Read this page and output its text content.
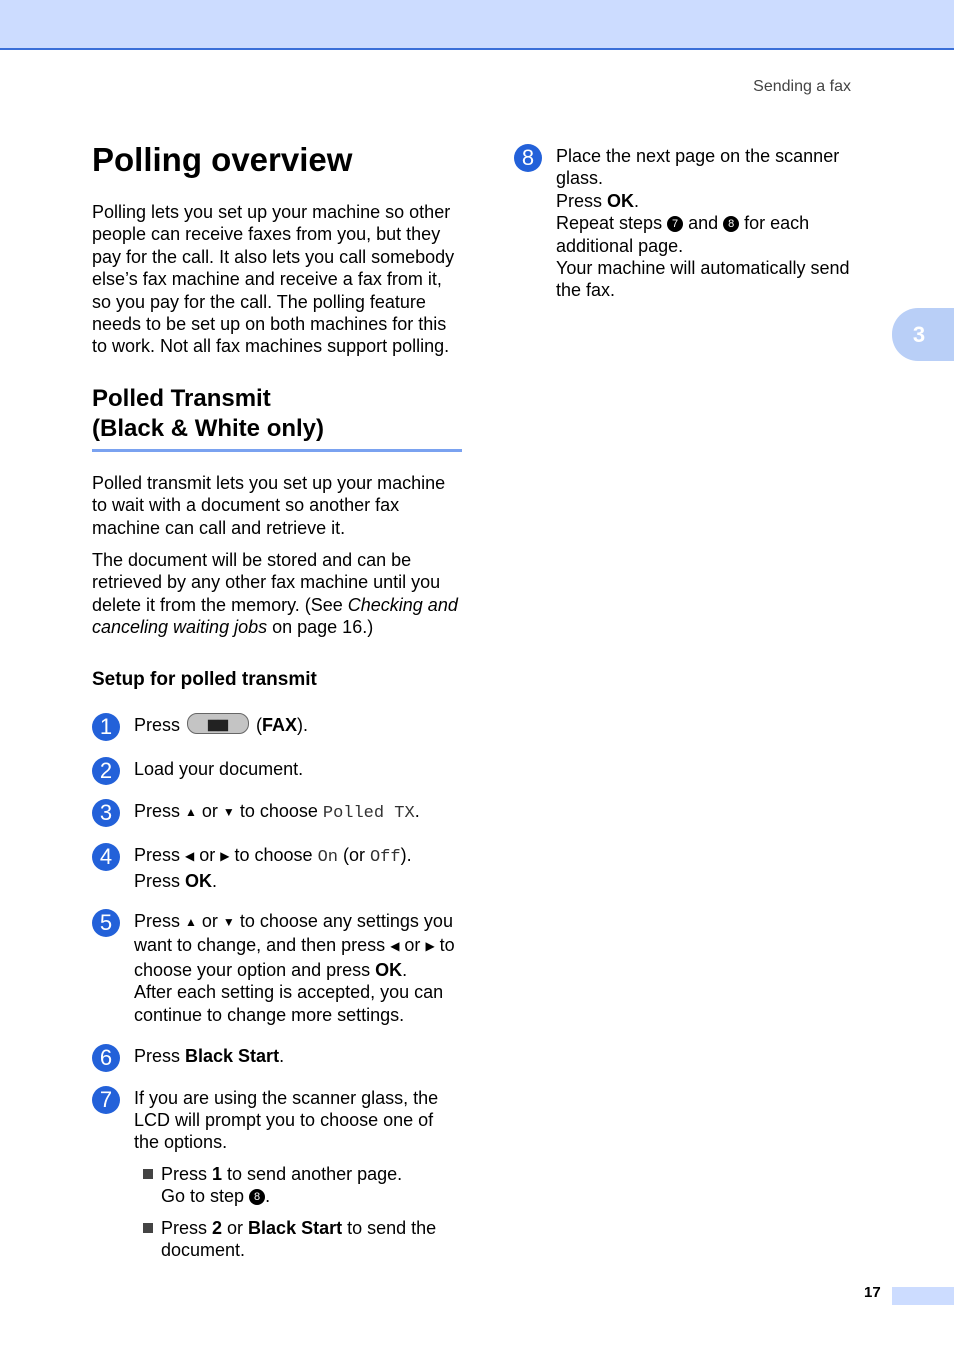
Sending a fax
3
Polling overview

Polling lets you set up your machine so other people can receive faxes from you, but they pay for the call. It also lets you call somebody else’s fax machine and receive a fax from it, so you pay for the call. The polling feature needs to be set up on both machines for this to work. Not all fax machines support polling.

Polled Transmit
(Black & White only)

Polled transmit lets you set up your machine to wait with a document so another fax machine can call and retrieve it.

The document will be stored and can be retrieved by any other fax machine until you delete it from the memory. (See Checking and canceling waiting jobs on page 16.)

Setup for polled transmit
1	Press ▆▆ (FAX).
2	Load your document.
3	Press ▲ or ▼ to choose Polled TX.
4	Press ◀ or ▶ to choose On (or Off).
Press OK.
5	Press ▲ or ▼ to choose any settings you want to change, and then press ◀ or ▶ to choose your option and press OK.
After each setting is accepted, you can continue to change more settings.
6	Press Black Start.
7	If you are using the scanner glass, the LCD will prompt you to choose one of the options.
Press 1 to send another page.
Go to step 8 .
Press 2 or Black Start to send the document.
8	Place the next page on the scanner glass.
Press OK.
Repeat steps 7 and 8 for each additional page.
Your machine will automatically send the fax.
17
